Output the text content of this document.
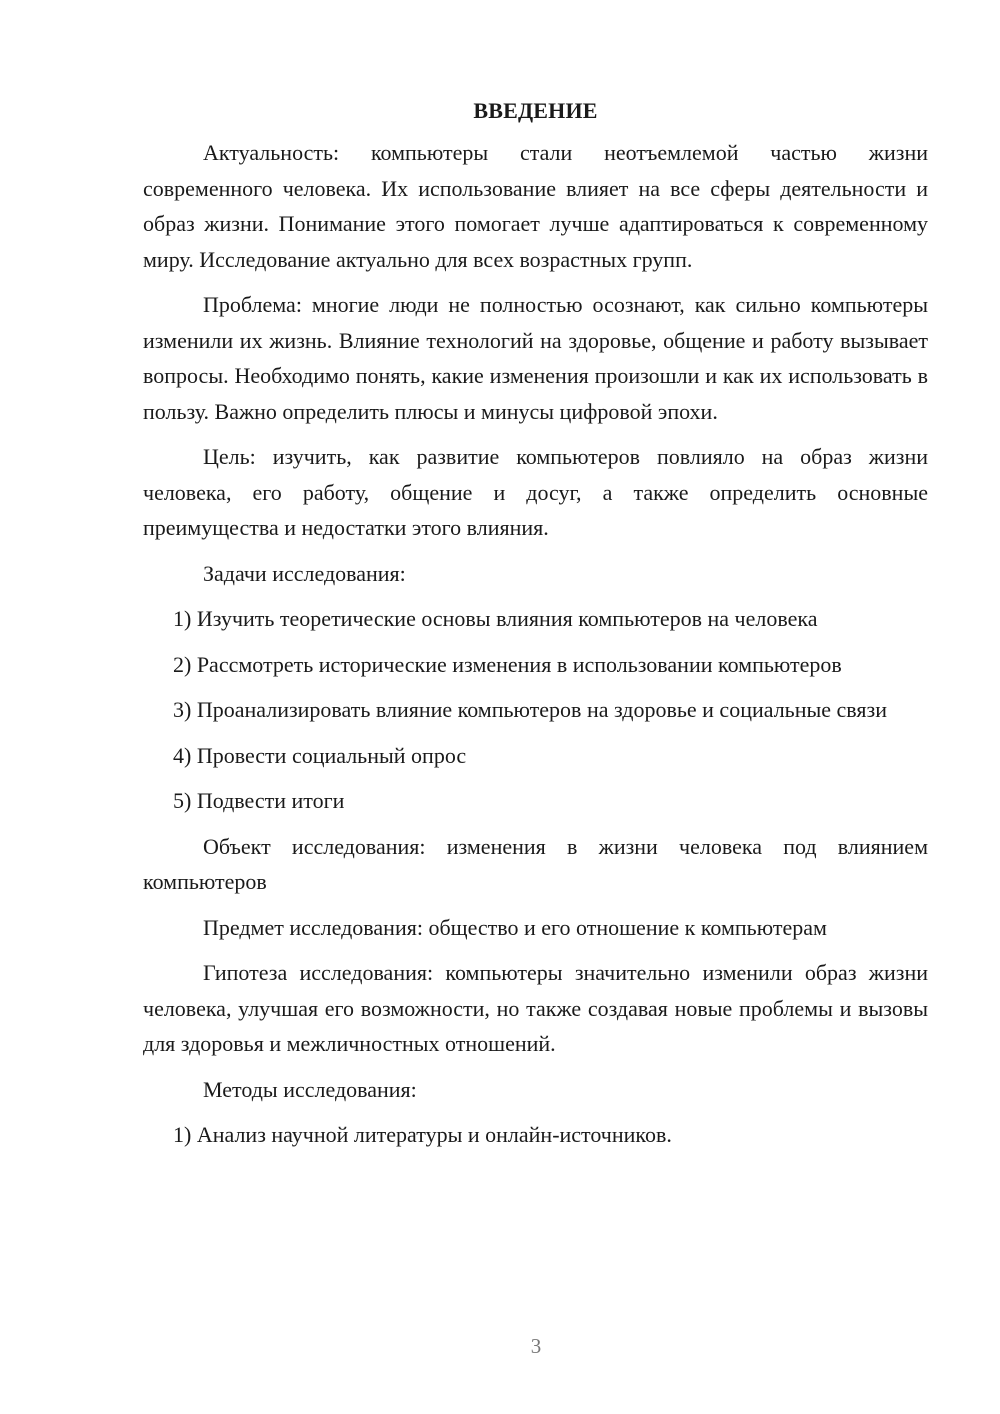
ВВЕДЕНИЕ

Актуальность: компьютеры стали неотъемлемой частью жизни современного человека. Их использование влияет на все сферы деятельности и образ жизни. Понимание этого помогает лучше адаптироваться к современному миру. Исследование актуально для всех возрастных групп.

Проблема: многие люди не полностью осознают, как сильно компьютеры изменили их жизнь. Влияние технологий на здоровье, общение и работу вызывает вопросы. Необходимо понять, какие изменения произошли и как их использовать в пользу. Важно определить плюсы и минусы цифровой эпохи.

Цель: изучить, как развитие компьютеров повлияло на образ жизни человека, его работу, общение и досуг, а также определить основные преимущества и недостатки этого влияния.

Задачи исследования:

1) Изучить теоретические основы влияния компьютеров на человека

2) Рассмотреть исторические изменения в использовании компьютеров

3) Проанализировать влияние компьютеров на здоровье и социальные связи

4) Провести социальный опрос

5) Подвести итоги

Объект исследования: изменения в жизни человека под влиянием компьютеров

Предмет исследования: общество и его отношение к компьютерам

Гипотеза исследования: компьютеры значительно изменили образ жизни человека, улучшая его возможности, но также создавая новые проблемы и вызовы для здоровья и межличностных отношений.

Методы исследования:

1) Анализ научной литературы и онлайн-источников.

3
